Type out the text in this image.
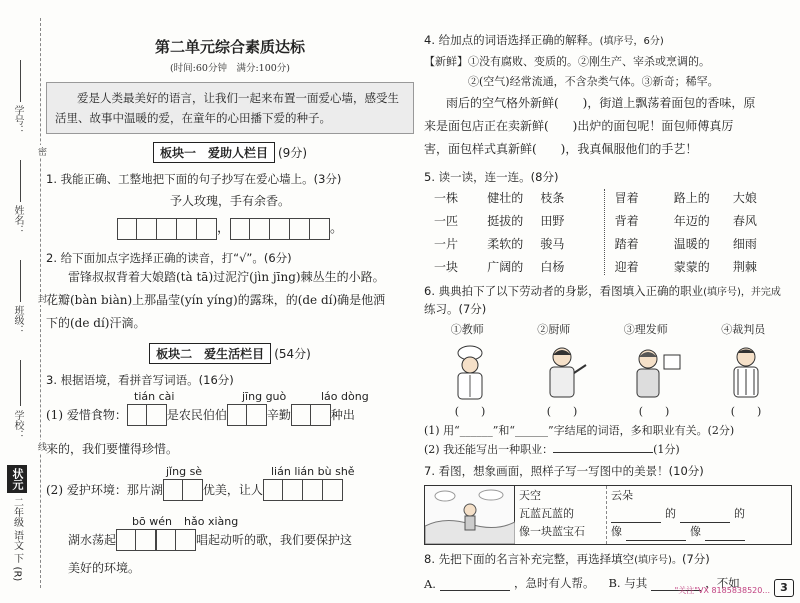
学号：
姓名：
班级：
学校：
状元
二年级 语文 下 (R)
密
封
线
第二单元综合素质达标
(时间:60分钟　满分:100分)
爱是人类最美好的语言，让我们一起来布置一面爱心墙，感受生活里、故事中温暖的爱，在童年的心田播下爱的种子。
板块一　爱助人栏目 (9分)
1. 我能正确、工整地把下面的句子抄写在爱心墙上。(3分)
予人玫瑰，手有余香。
，	。
2. 给下面加点字选择正确的读音，打“√”。(6分)
雷锋叔叔背着大娘踏(tà tā)过泥泞(jìn jīng)棘丛生的小路。
花瓣(bàn biàn)上那晶莹(yín yíng)的露珠，的(de dí)确是他洒
下的(de dí)汗滴。
板块二　爱生活栏目 (54分)
3. 根据语境，看拼音写词语。(16分)
tián cài	jīng guò	láo dòng
(1) 爱惜食物：	是农民伯伯	辛勤	种出
来的，我们要懂得珍惜。
jǐng sè	lián lián bù shě
(2) 爱护环境：那片湖	优美，让人
bō wén hǎo xiàng
湖水荡起	唱起动听的歌，我们要保护这
美好的环境。
4. 给加点的词语选择正确的解释。(填序号，6分)
【新鲜】①没有腐败、变质的。②刚生产、宰杀或烹调的。
②(空气)经常流通，不含杂类气体。③新奇；稀罕。
雨后的空气格外新鲜(　　)，街道上飘荡着面包的香味，原
来是面包店正在卖新鲜(　　)出炉的面包呢！面包师傅真厉
害，面包样式真新鲜(　　)，我真佩服他们的手艺！
5. 读一读，连一连。(8分)
一株	健壮的	枝条
一匹	挺拔的	田野
一片	柔软的	骏马
一块	广阔的	白杨
冒着	路上的	大娘
背着	年迈的	春风
踏着	温暖的	细雨
迎着	蒙蒙的	荆棘
6. 典典拍下了以下劳动者的身影，看图填入正确的职业(填序号)，并完成
练习。(7分)
①教师	②厨师	③理发师	④裁判员
(　　)	(　　)	(　　)	(　　)
(1) 用“______”和“______”字结尾的词语，多和职业有关。(2分)
(2) 我还能写出一种职业：	(1分)
7. 看图，想象画面，照样子写一写图中的美景！(10分)
天空
瓦蓝瓦蓝的
像一块蓝宝石
云朵
的	的
像	像
8. 先把下面的名言补充完整，再选择填空(填序号)。(7分)
A.	，急时有人帮。 B. 与其	，不如
"关注"VX 8185838520... 3
